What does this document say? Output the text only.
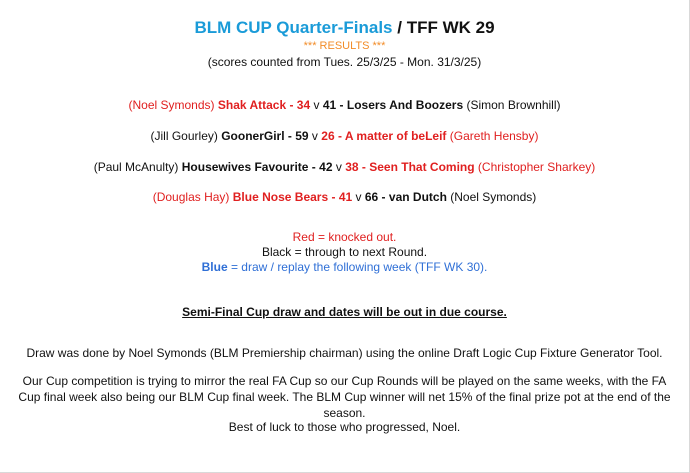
BLM CUP Quarter-Finals / TFF WK 29
*** RESULTS ***
(scores counted from Tues. 25/3/25 - Mon. 31/3/25)
(Noel Symonds) Shak Attack - 34 v 41 - Losers And Boozers (Simon Brownhill)
(Jill Gourley) GoonerGirl - 59 v 26 - A matter of beLeif (Gareth Hensby)
(Paul McAnulty) Housewives Favourite - 42 v 38 - Seen That Coming (Christopher Sharkey)
(Douglas Hay) Blue Nose Bears - 41 v 66 - van Dutch (Noel Symonds)
Red = knocked out.
Black = through to next Round.
Blue = draw / replay the following week (TFF WK 30).
Semi-Final Cup draw and dates will be out in due course.
Draw was done by Noel Symonds (BLM Premiership chairman) using the online Draft Logic Cup Fixture Generator Tool.
Our Cup competition is trying to mirror the real FA Cup so our Cup Rounds will be played on the same weeks, with the FA Cup final week also being our BLM Cup final week. The BLM Cup winner will net 15% of the final prize pot at the end of the season.
Best of luck to those who progressed, Noel.
